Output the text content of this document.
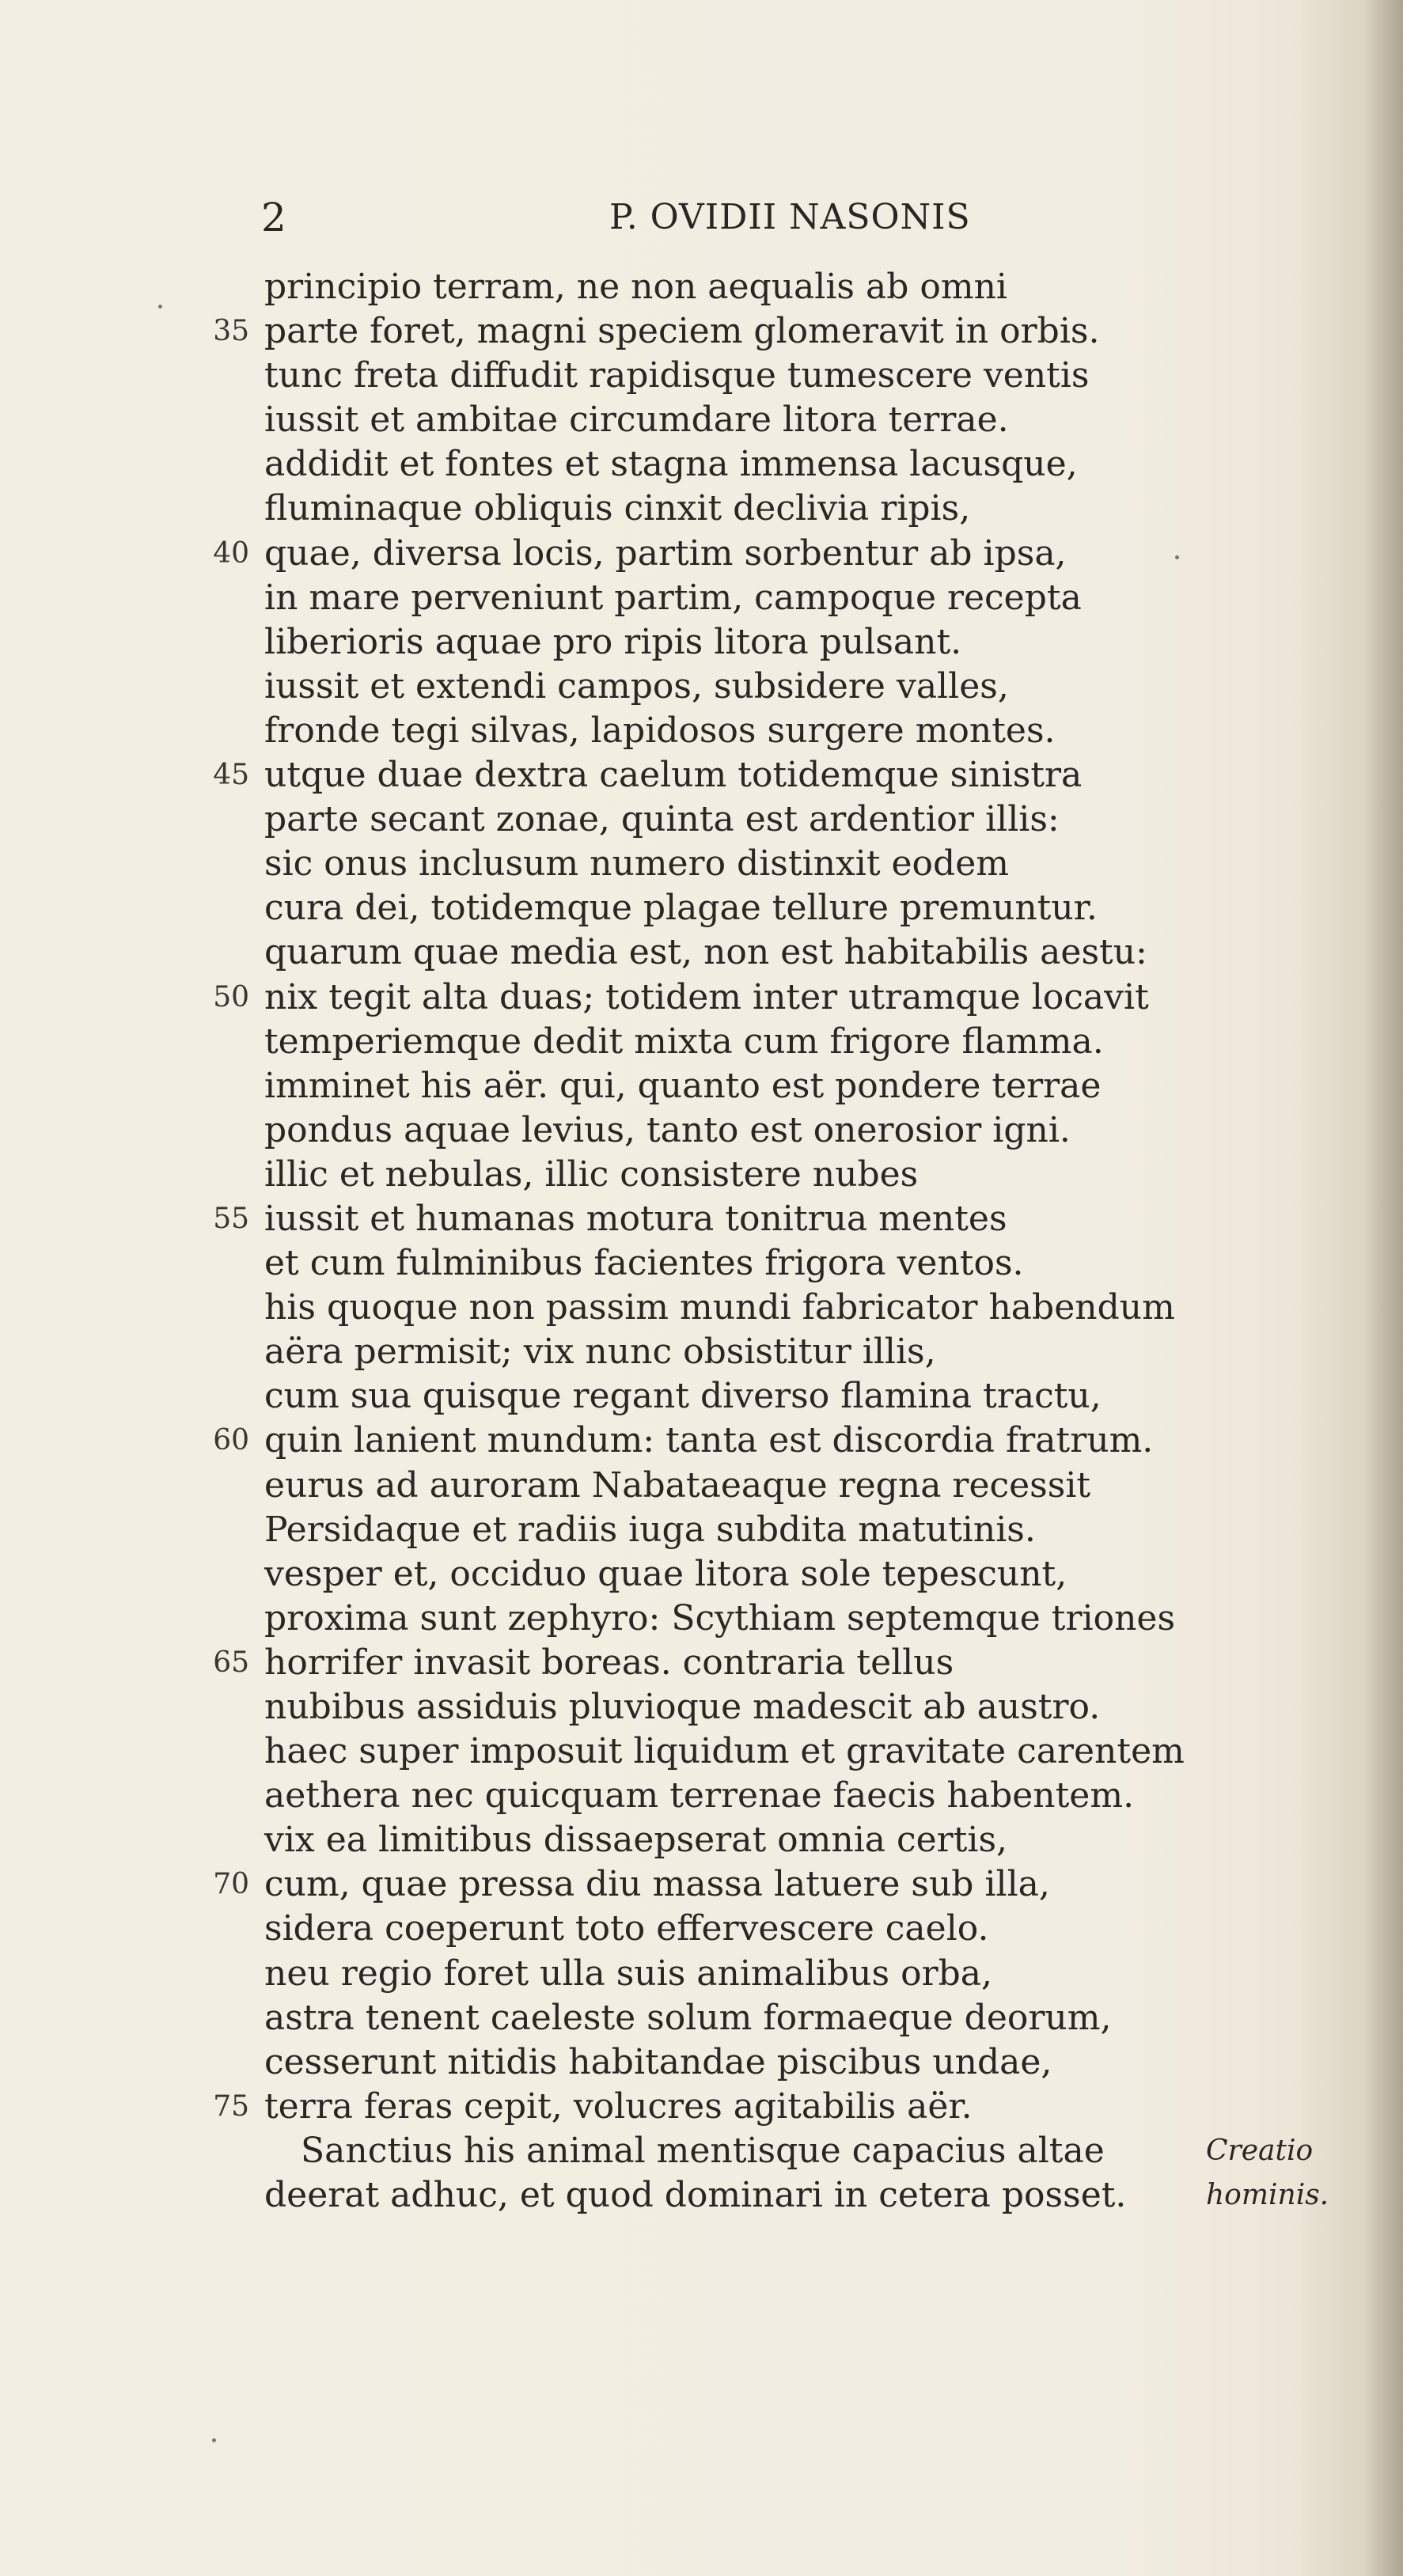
2	P. OVIDII NASONIS
principio terram, ne non aequalis ab omni
35 parte foret, magni speciem glomeravit in orbis.
tunc freta diffudit rapidisque tumescere ventis
iussit et ambitae circumdare litora terrae.
addidit et fontes et stagna immensa lacusque,
fluminaque obliquis cinxit declivia ripis,
40 quae, diversa locis, partim sorbentur ab ipsa,
in mare perveniunt partim, campoque recepta
liberioris aquae pro ripis litora pulsant.
iussit et extendi campos, subsidere valles,
fronde tegi silvas, lapidosos surgere montes.
45 utque duae dextra caelum totidemque sinistra
parte secant zonae, quinta est ardentior illis:
sic onus inclusum numero distinxit eodem
cura dei, totidemque plagae tellure premuntur.
quarum quae media est, non est habitabilis aestu:
50 nix tegit alta duas; totidem inter utramque locavit
temperiemque dedit mixta cum frigore flamma.
imminet his aër. qui, quanto est pondere terrae
pondus aquae levius, tanto est onerosior igni.
illic et nebulas, illic consistere nubes
55 iussit et humanas motura tonitrua mentes
et cum fulminibus facientes frigora ventos.
his quoque non passim mundi fabricator habendum
aëra permisit; vix nunc obsistitur illis,
cum sua quisque regant diverso flamina tractu,
60 quin lanient mundum: tanta est discordia fratrum.
eurus ad auroram Nabataeaque regna recessit
Persidaque et radiis iuga subdita matutinis.
vesper et, occiduo quae litora sole tepescunt,
proxima sunt zephyro: Scythiam septemque triones
65 horrifer invasit boreas. contraria tellus
nubibus assiduis pluvioque madescit ab austro.
haec super imposuit liquidum et gravitate carentem
aethera nec quicquam terrenae faecis habentem.
vix ea limitibus dissaepserat omnia certis,
70 cum, quae pressa diu massa latuere sub illa,
sidera coeperunt toto effervescere caelo.
neu regio foret ulla suis animalibus orba,
astra tenent caeleste solum formaeque deorum,
cesserunt nitidis habitandae piscibus undae,
75 terra feras cepit, volucres agitabilis aër.
Sanctius his animal mentisque capacius altae	Creatio
deerat adhuc, et quod dominari in cetera posset.	hominis.
